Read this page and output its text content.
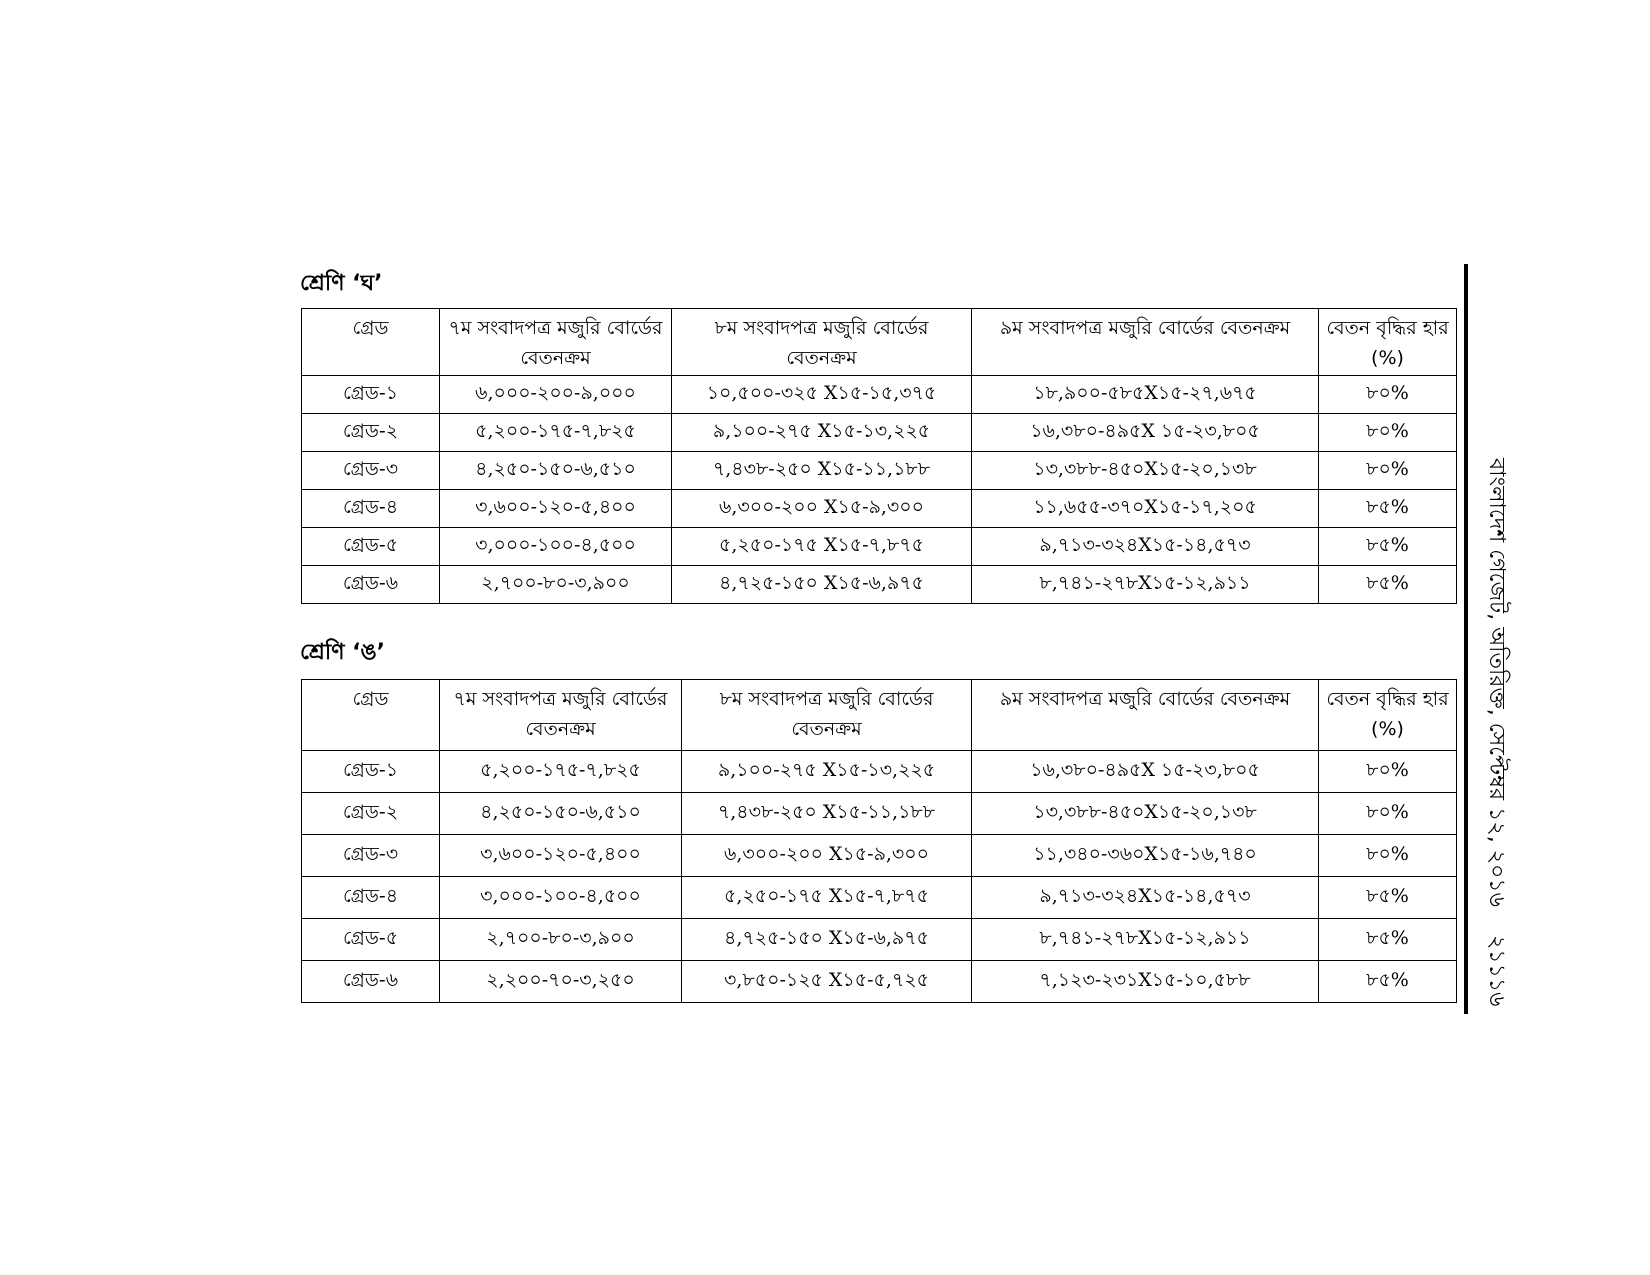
শ্রেণি ‘ঘ’
গ্রেড	৭ম সংবাদপত্র মজুরি বোর্ডের বেতনক্রম	৮ম সংবাদপত্র মজুরি বোর্ডের বেতনক্রম	৯ম সংবাদপত্র মজুরি বোর্ডের বেতনক্রম	বেতন বৃদ্ধির হার (%)
গ্রেড-১	৬,০০০-২০০-৯,০০০	১০,৫০০-৩২৫ X১৫-১৫,৩৭৫	১৮,৯০০-৫৮৫X১৫-২৭,৬৭৫	৮০%
গ্রেড-২	৫,২০০-১৭৫-৭,৮২৫	৯,১০০-২৭৫ X১৫-১৩,২২৫	১৬,৩৮০-৪৯৫X ১৫-২৩,৮০৫	৮০%
গ্রেড-৩	৪,২৫০-১৫০-৬,৫১০	৭,৪৩৮-২৫০ X১৫-১১,১৮৮	১৩,৩৮৮-৪৫০X১৫-২০,১৩৮	৮০%
গ্রেড-৪	৩,৬০০-১২০-৫,৪০০	৬,৩০০-২০০ X১৫-৯,৩০০	১১,৬৫৫-৩৭০X১৫-১৭,২০৫	৮৫%
গ্রেড-৫	৩,০০০-১০০-৪,৫০০	৫,২৫০-১৭৫ X১৫-৭,৮৭৫	৯,৭১৩-৩২৪X১৫-১৪,৫৭৩	৮৫%
গ্রেড-৬	২,৭০০-৮০-৩,৯০০	৪,৭২৫-১৫০ X১৫-৬,৯৭৫	৮,৭৪১-২৭৮X১৫-১২,৯১১	৮৫%
শ্রেণি ‘ঙ’
গ্রেড	৭ম সংবাদপত্র মজুরি বোর্ডের বেতনক্রম	৮ম সংবাদপত্র মজুরি বোর্ডের বেতনক্রম	৯ম সংবাদপত্র মজুরি বোর্ডের বেতনক্রম	বেতন বৃদ্ধির হার (%)
গ্রেড-১	৫,২০০-১৭৫-৭,৮২৫	৯,১০০-২৭৫ X১৫-১৩,২২৫	১৬,৩৮০-৪৯৫X ১৫-২৩,৮০৫	৮০%
গ্রেড-২	৪,২৫০-১৫০-৬,৫১০	৭,৪৩৮-২৫০ X১৫-১১,১৮৮	১৩,৩৮৮-৪৫০X১৫-২০,১৩৮	৮০%
গ্রেড-৩	৩,৬০০-১২০-৫,৪০০	৬,৩০০-২০০ X১৫-৯,৩০০	১১,৩৪০-৩৬০X১৫-১৬,৭৪০	৮০%
গ্রেড-৪	৩,০০০-১০০-৪,৫০০	৫,২৫০-১৭৫ X১৫-৭,৮৭৫	৯,৭১৩-৩২৪X১৫-১৪,৫৭৩	৮৫%
গ্রেড-৫	২,৭০০-৮০-৩,৯০০	৪,৭২৫-১৫০ X১৫-৬,৯৭৫	৮,৭৪১-২৭৮X১৫-১২,৯১১	৮৫%
গ্রেড-৬	২,২০০-৭০-৩,২৫০	৩,৮৫০-১২৫ X১৫-৫,৭২৫	৭,১২৩-২৩১X১৫-১০,৫৮৮	৮৫%
বাংলাদেশ গেজেট, অতিরিক্ত, সেপ্টেম্বর ১২, ২০১৬
২১১১৬
